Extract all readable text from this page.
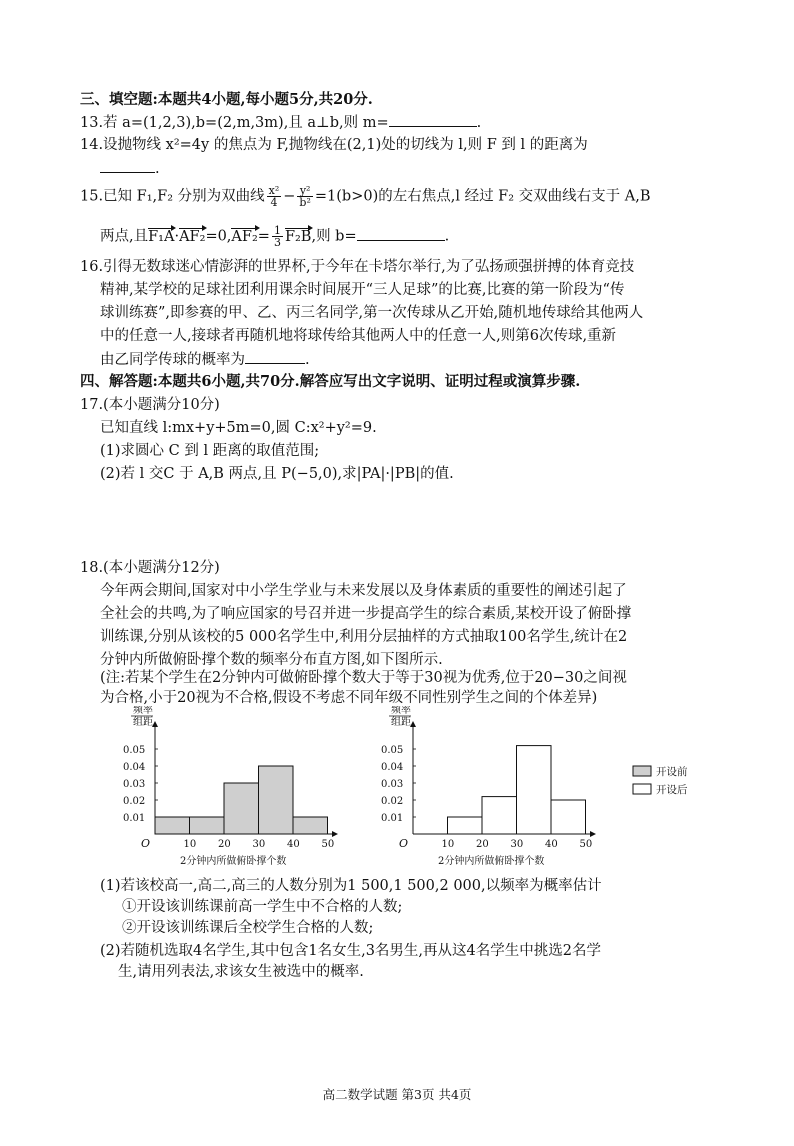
三、填空题:本题共4小题,每小题5分,共20分.
13.若 a=(1,2,3),b=(2,m,3m),且 a⊥b,则 m=	.
14.设抛物线 x²=4y 的焦点为 F,抛物线在(2,1)处的切线为 l,则 F 到 l 的距离为
.
15.已知 F₁,F₂ 分别为双曲线 $\frac{\text{x²}}{4} - \frac{\text{y²}}{\text{b²}} =1(b>0)$的左右焦点,l 经过 F₂ 交双曲线右支于 A,B
两点,且$F_1A\cdot AF_2=0,AF_2= \frac{1}{3} F_2B$,则 b=	.
16.引得无数球迷心情澎湃的世界杯,于今年在卡塔尔举行,为了弘扬顽强拼搏的体育竞技
精神,某学校的足球社团利用课余时间展开“三人足球”的比赛,比赛的第一阶段为“传
球训练赛”,即参赛的甲、乙、丙三名同学,第一次传球从乙开始,随机地传球给其他两人
中的任意一人,接球者再随机地将球传给其他两人中的任意一人,则第6次传球,重新
由乙同学传球的概率为	.
四、解答题:本题共6小题,共70分.解答应写出文字说明、证明过程或演算步骤.
17.(本小题满分10分)
已知直线 l:mx+y+5m=0,圆 C:x²+y²=9.
(1)求圆心 C 到 l 距离的取值范围;
(2)若 l 交C 于 A,B 两点,且 P(−5,0),求|PA|·|PB|的值.
18.(本小题满分12分)
今年两会期间,国家对中小学生学业与未来发展以及身体素质的重要性的阐述引起了
全社会的共鸣,为了响应国家的号召并进一步提高学生的综合素质,某校开设了俯卧撑
训练课,分别从该校的5 000名学生中,利用分层抽样的方式抽取100名学生,统计在2
分钟内所做俯卧撑个数的频率分布直方图,如下图所示.
(注:若某个学生在2分钟内可做俯卧撑个数大于等于30视为优秀,位于20−30之间视
为合格,小于20视为不合格,假设不考虑不同年级不同性别学生之间的个体差异)
频率
组距
O
0.01
0.02
0.03
0.04
0.05
10 20 30 40 50
2分钟内所做俯卧撑个数
频率
组距
O
0.01
0.02
0.03
0.04
0.05
10 20 30 40 50
2分钟内所做俯卧撑个数
开设前
开设后
(1)若该校高一,高二,高三的人数分别为1 500,1 500,2 000,以频率为概率估计
①开设该训练课前高一学生中不合格的人数;
②开设该训练课后全校学生合格的人数;
(2)若随机选取4名学生,其中包含1名女生,3名男生,再从这4名学生中挑选2名学
生,请用列表法,求该女生被选中的概率.
高二数学试题 第3页 共4页
